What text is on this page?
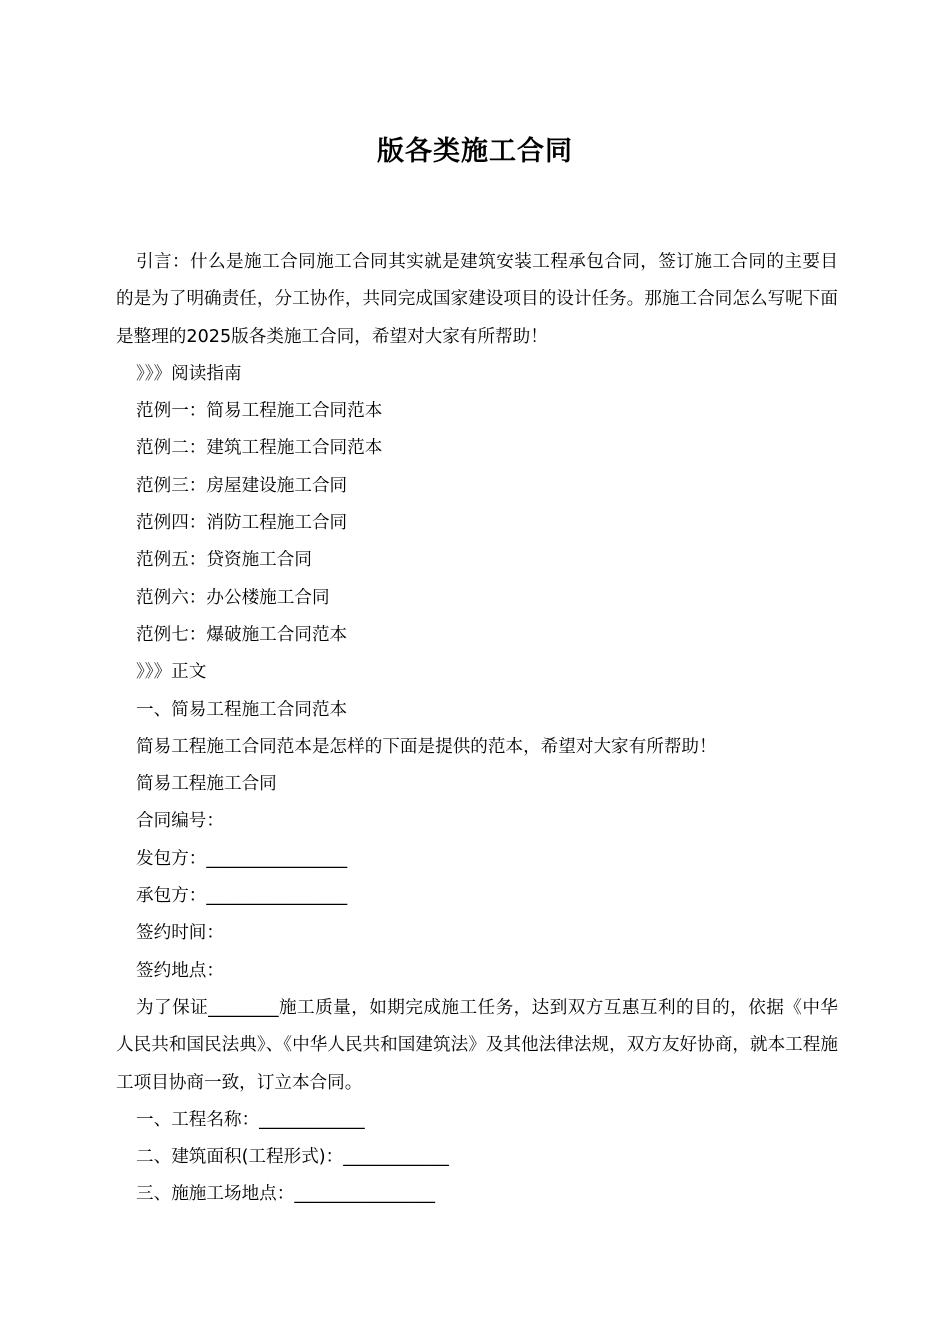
版各类施工合同

引言：什么是施工合同施工合同其实就是建筑安装工程承包合同，签订施工合同的主要目的是为了明确责任，分工协作，共同完成国家建设项目的设计任务。那施工合同怎么写呢下面是整理的2025版各类施工合同，希望对大家有所帮助！

》》》阅读指南

范例一：简易工程施工合同范本

范例二：建筑工程施工合同范本

范例三：房屋建设施工合同

范例四：消防工程施工合同

范例五：贷资施工合同

范例六：办公楼施工合同

范例七：爆破施工合同范本

》》》正文

一、简易工程施工合同范本

简易工程施工合同范本是怎样的下面是提供的范本，希望对大家有所帮助！

简易工程施工合同

合同编号：

发包方：________________

承包方：________________

签约时间：

签约地点：

为了保证________施工质量，如期完成施工任务，达到双方互惠互利的目的，依据《中华人民共和国民法典》、《中华人民共和国建筑法》及其他法律法规，双方友好协商，就本工程施工项目协商一致，订立本合同。

一、工程名称：____________

二、建筑面积(工程形式)：____________

三、施施工场地点：________________
